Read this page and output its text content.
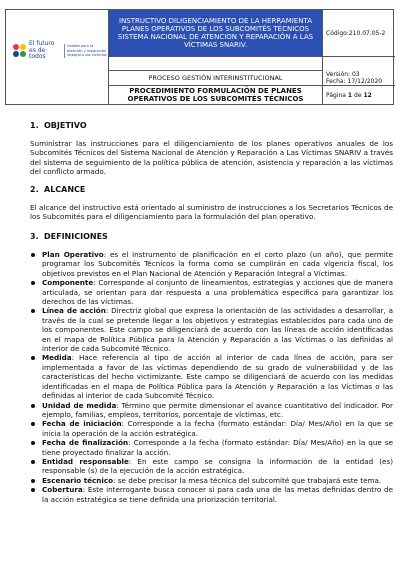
El futuro es de todos
Unidad para la atención y reparación integral a las víctimas
INSTRUCTIVO DILIGENCIAMIENTO DE LA HERRAMIENTA PLANES OPERATIVOS DE LOS SUBCOMITÉS TÉCNICOS SISTEMA NACIONAL DE ATENCION Y REPARACIÓN A LAS VÍCTIMAS SNARIV.
PROCESO GESTIÓN INTERINSTITUCIONAL
PROCEDIMIENTO FORMULACIÓN DE PLANES
OPERATIVOS DE LOS SUBCOMITÉS TÉCNICOS
Código:210.07.05-2
Versión: 03
Fecha: 17/12/2020
Página
1
de
12
1. OBJETIVO
Suministrar las instrucciones para el diligenciamiento de los planes operativos anuales de los Subcomités Técnicos del Sistema Nacional de Atención y Reparación a Las Víctimas SNARIV a través del sistema de seguimiento de la política pública de atención, asistencia y reparación a las víctimas del conflicto armado.
2. ALCANCE
El alcance del instructivo está orientado al suministro de instrucciones a los Secretarios Técnicos de los Subcomités para el diligenciamiento para la formulación del plan operativo.
3. DEFINICIONES
Plan Operativo: es el instrumento de planificación en el corto plazo (un año), que permite programar los Subcomités Técnicos la forma como se cumplirán en cada vigencia fiscal, los objetivos previstos en el Plan Nacional de Atención y Reparación Integral a Víctimas.
Componente: Corresponde al conjunto de lineamientos, estrategias y acciones que de manera articulada, se orientan para dar respuesta a una problemática especifica para garantizar los derechos de las víctimas.
Línea de acción: Directriz global que expresa la orientación de las actividades a desarrollar, a través de la cual se pretende llegar a los objetivos y estrategias establecidos para cada uno de los componentes. Este campo se diligenciará de acuerdo con las líneas de acción identificadas en el mapa de Política Pública para la Atención y Reparación a las Víctimas o las definidas al interior de cada Subcomité Técnico.
Medida: Hace referencia al tipo de acción al interior de cada línea de acción, para ser implementada a favor de las víctimas dependiendo de su grado de vulnerabilidad y de las características del hecho victimizante. Este campo se diligenciará de acuerdo con las medidas identificadas en el mapa de Política Pública para la Atención y Reparación a las Víctimas o las definidas al interior de cada Subcomité Técnico.
Unidad de medida: Término que permite dimensionar el avance cuantitativo del indicador. Por ejemplo, familias, empleos, territorios, porcentaje de víctimas, etc.
Fecha de iniciación: Corresponde a la fecha (formato estándar: Día/ Mes/Año) en la que se inicia la operación de la acción estratégica.
Fecha de finalización: Corresponde a la fecha (formato estándar: Día/ Mes/Año) en la que se tiene proyectado finalizar la acción.
Entidad responsable: En este campo se consigna la información de la entidad (es) responsable (s) de la ejecución de la acción estratégica.
Escenario técnico: se debe precisar la mesa técnica del subcomité que trabajará este tema.
Cobertura: Este interrogante busca conocer si para cada una de las metas definidas dentro de la acción estratégica se tiene definida una priorización territorial.
